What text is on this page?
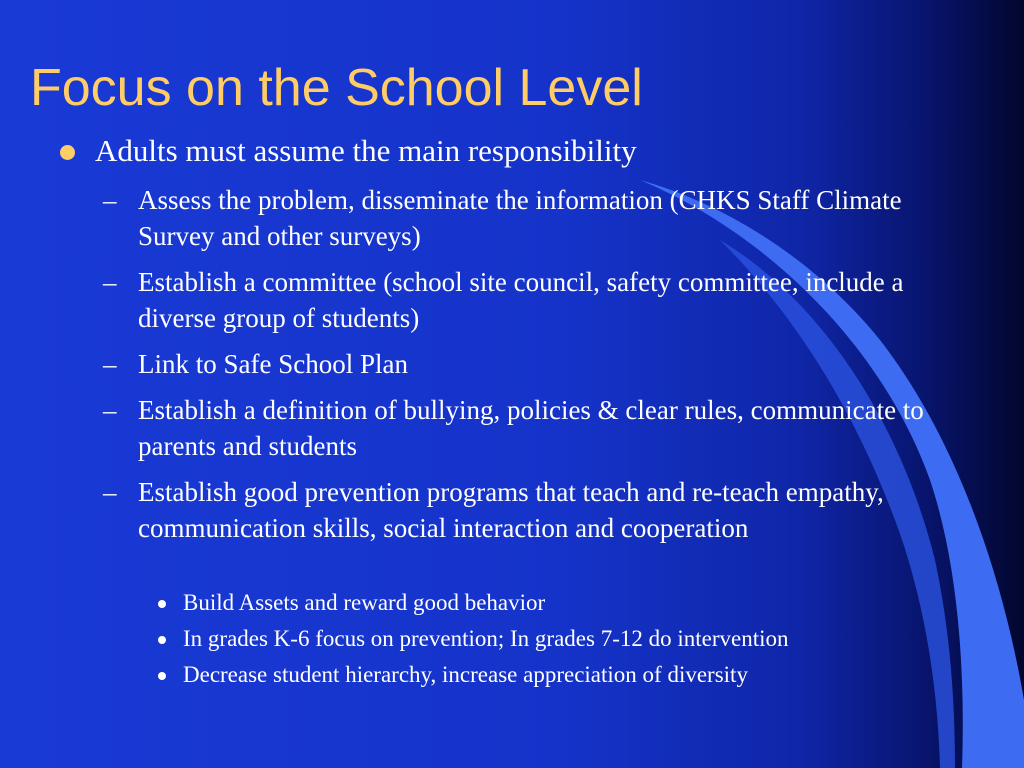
Focus on the School Level
Adults must assume the main responsibility
– Assess the problem, disseminate the information (CHKS Staff Climate Survey and other surveys)
– Establish a committee (school site council, safety committee, include a diverse group of students)
– Link to Safe School Plan
– Establish a definition of bullying, policies & clear rules, communicate to parents and students
– Establish good prevention programs that teach and re-teach empathy, communication skills, social interaction and cooperation
Build Assets and reward good behavior
In grades K-6 focus on prevention; In grades 7-12 do intervention
Decrease student hierarchy, increase appreciation of diversity
